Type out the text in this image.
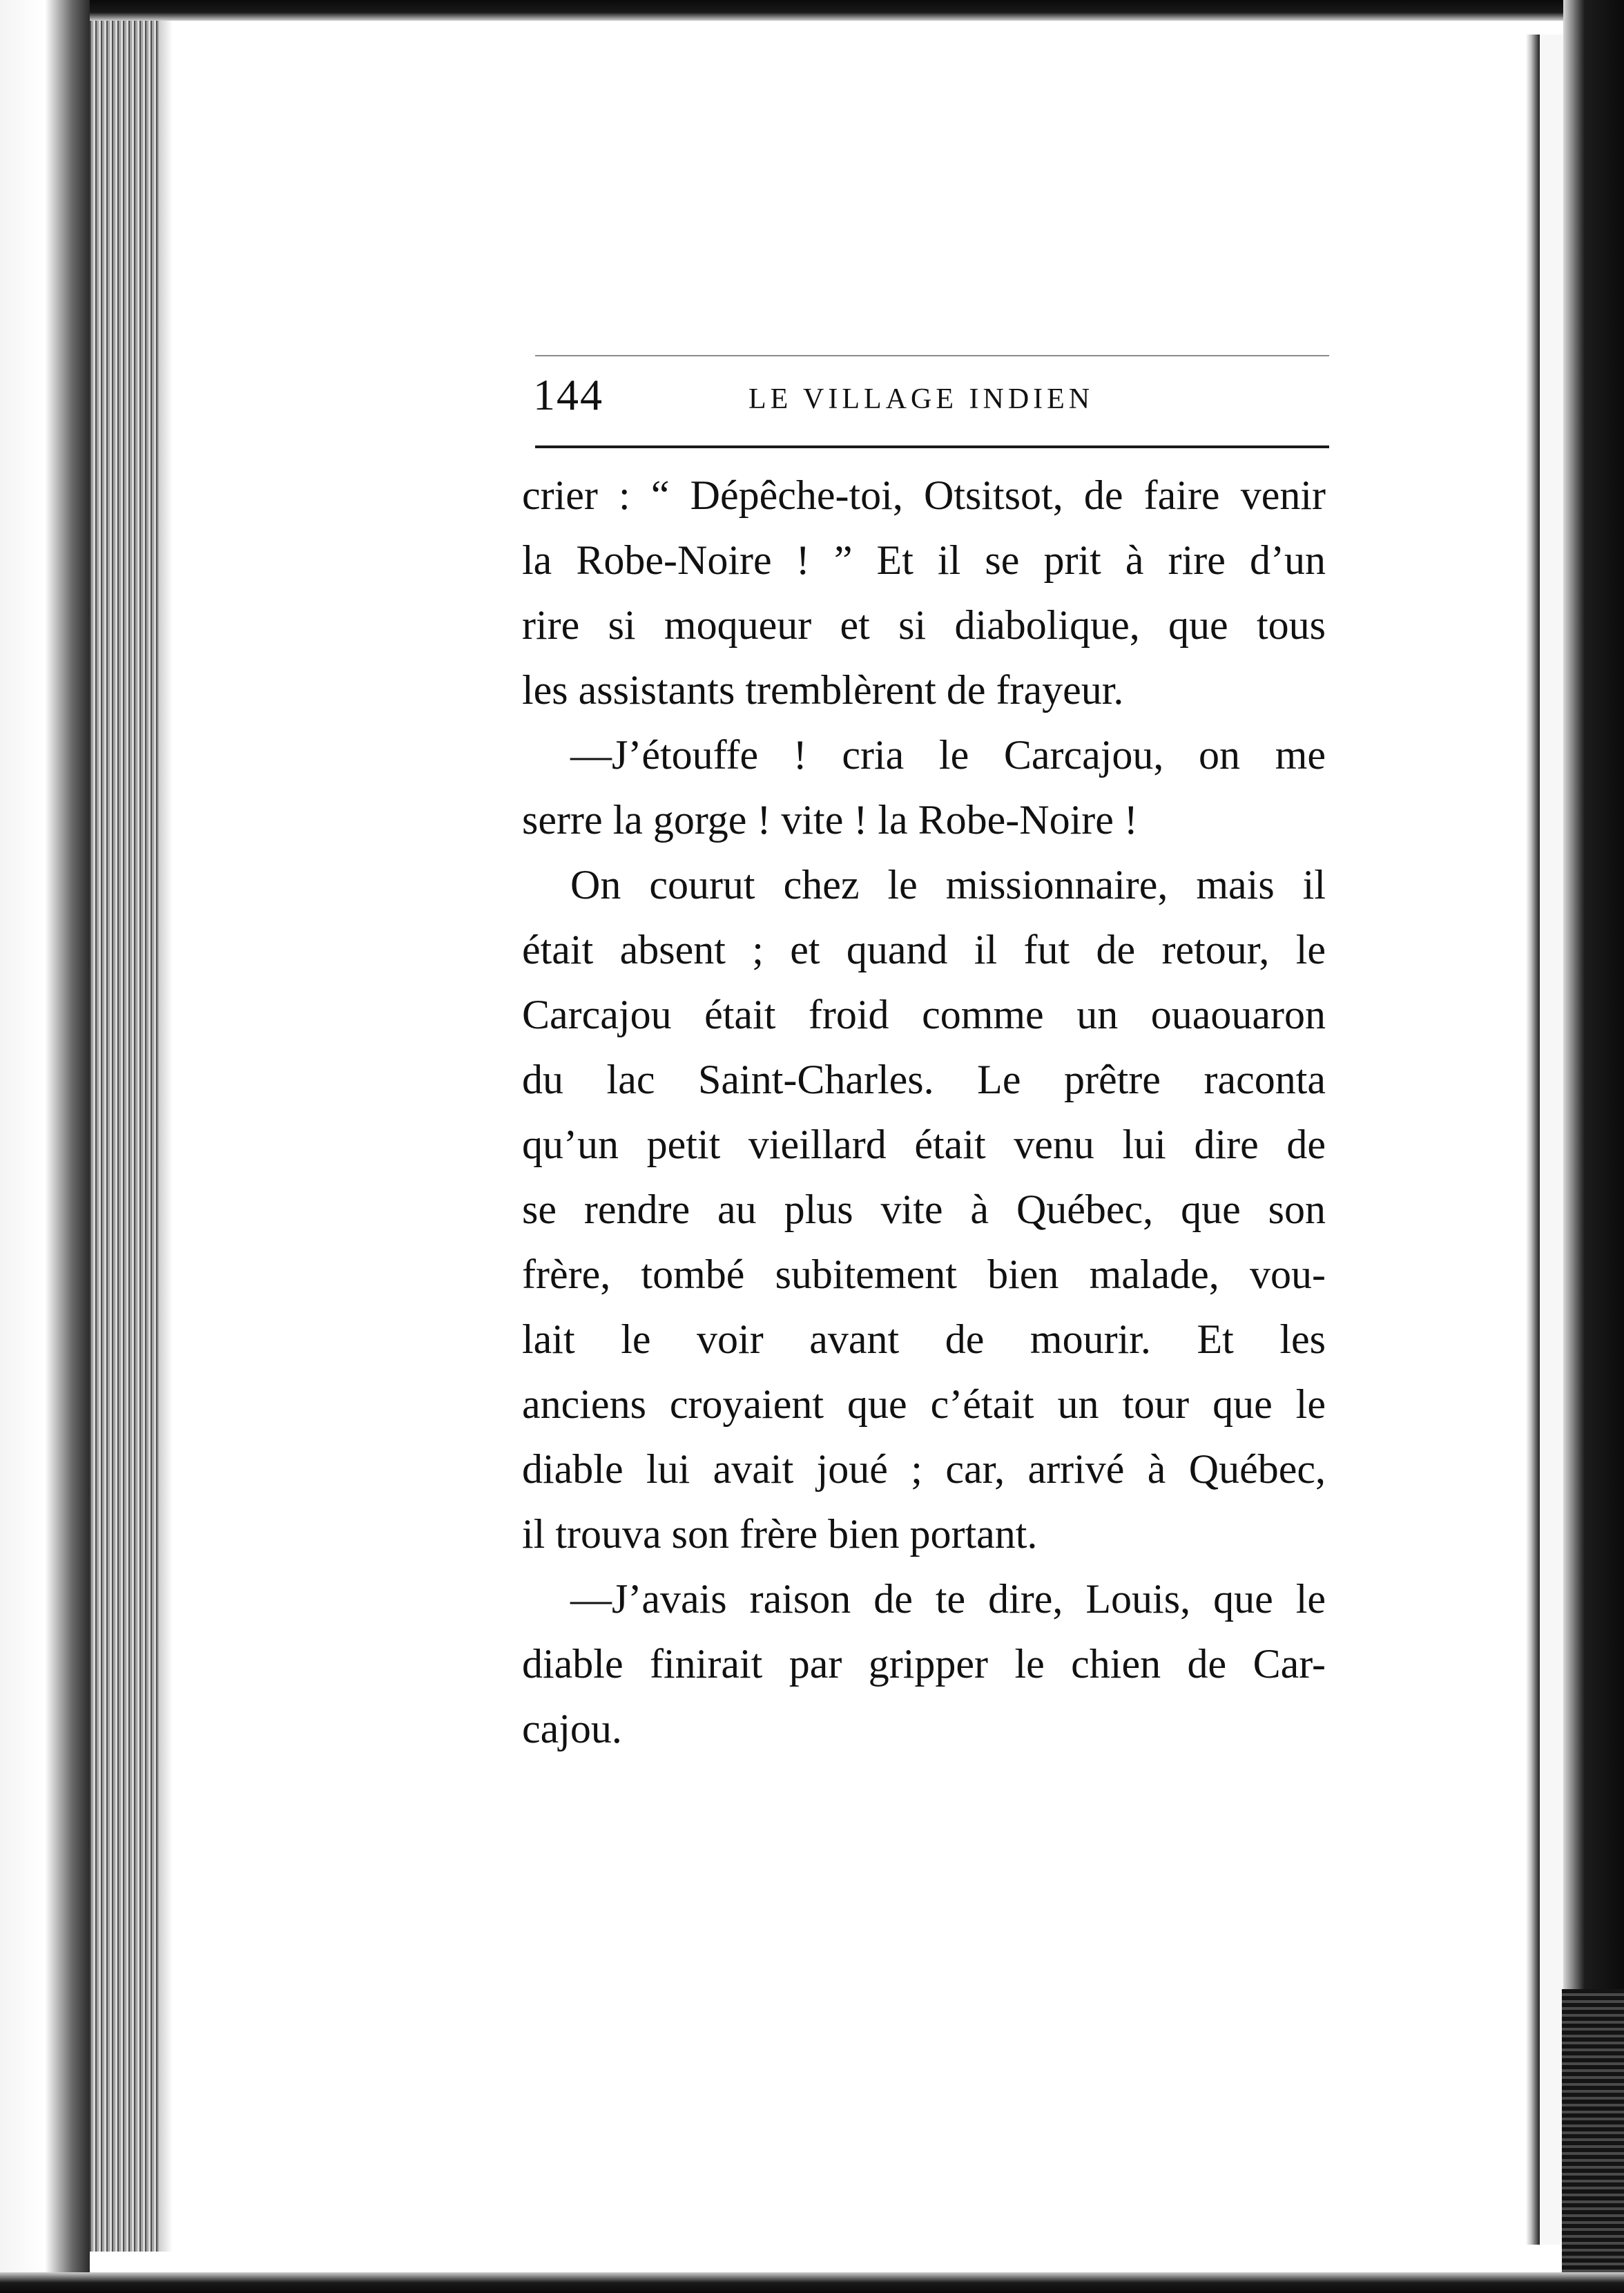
144	LE VILLAGE INDIEN
crier : “ Dépêche-toi, Otsitsot, de faire venir
la Robe-Noire ! ” Et il se prit à rire d’un
rire si moqueur et si diabolique, que tous
les assistants tremblèrent de frayeur.
—J’étouffe ! cria le Carcajou, on me
serre la gorge ! vite ! la Robe-Noire !
On courut chez le missionnaire, mais il
était absent ; et quand il fut de retour, le
Carcajou était froid comme un ouaouaron
du lac Saint-Charles. Le prêtre raconta
qu’un petit vieillard était venu lui dire de
se rendre au plus vite à Québec, que son
frère, tombé subitement bien malade, vou-
lait le voir avant de mourir. Et les
anciens croyaient que c’était un tour que le
diable lui avait joué ; car, arrivé à Québec,
il trouva son frère bien portant.
—J’avais raison de te dire, Louis, que le
diable finirait par gripper le chien de Car-
cajou.
